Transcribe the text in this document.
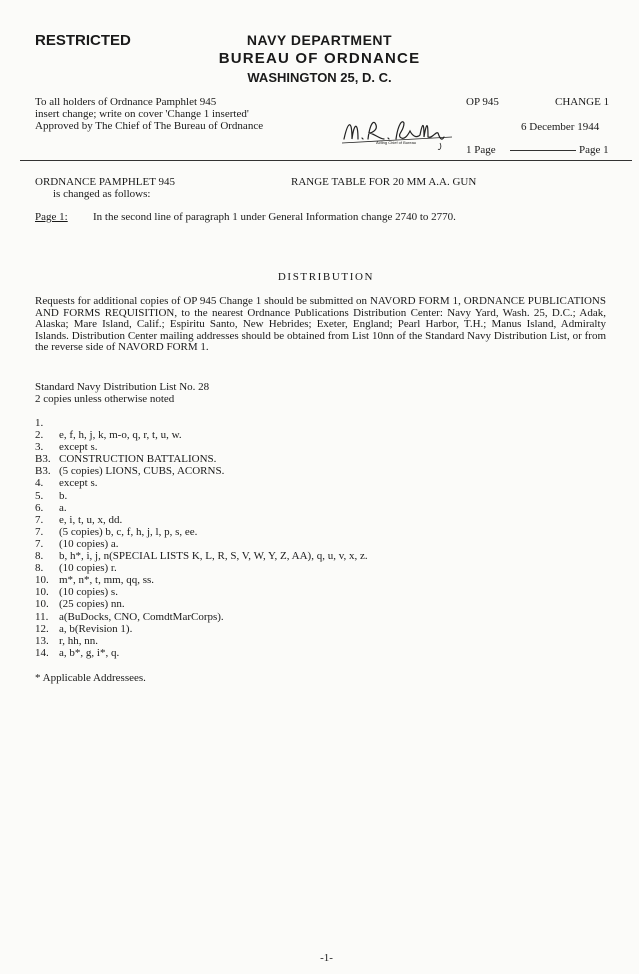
RESTRICTED	NAVY DEPARTMENT
BUREAU OF ORDNANCE
WASHINGTON 25, D. C.
To all holders of Ordnance Pamphlet 945
insert change; write on cover 'Change 1 inserted'
Approved by The Chief of The Bureau of Ordnance
Acting Chief of Bureau
OP 945	CHANGE 1
6 December 1944
1 Page	Page 1
ORDNANCE PAMPHLET 945
is changed as follows:
RANGE TABLE FOR 20 MM A.A. GUN
Page 1: In the second line of paragraph 1 under General Information change 2740 to 2770.
DISTRIBUTION
Requests for additional copies of OP 945 Change 1 should be submitted on NAVORD FORM 1, ORDNANCE PUBLICATIONS AND FORMS REQUISITION, to the nearest Ordnance Publications Distribution Center: Navy Yard, Wash. 25, D.C.; Adak, Alaska; Mare Island, Calif.; Espiritu Santo, New Hebrides; Exeter, England; Pearl Harbor, T.H.; Manus Island, Admiralty Islands. Distribution Center mailing addresses should be obtained from List 10nn of the Standard Navy Distribution List, or from the reverse side of NAVORD FORM 1.
Standard Navy Distribution List No. 28
2 copies unless otherwise noted
1.
2.	e, f, h, j, k, m-o, q, r, t, u, w.
3.	except s.
B3. CONSTRUCTION BATTALIONS.
B3. (5 copies) LIONS, CUBS, ACORNS.
4.	except s.
5.	b.
6.	a.
7.	e, i, t, u, x, dd.
7.	(5 copies) b, c, f, h, j, l, p, s, ee.
7.	(10 copies) a.
8.	b, h*, i, j, n(SPECIAL LISTS K, L, R, S, V, W, Y, Z, AA), q, u, v, x, z.
8.	(10 copies) r.
10. m*, n*, t, mm, qq, ss.
10. (10 copies) s.
10. (25 copies) nn.
11. a(BuDocks, CNO, ComdtMarCorps).
12. a, b(Revision 1).
13. r, hh, nn.
14. a, b*, g, i*, q.
* Applicable Addressees.
-1-
